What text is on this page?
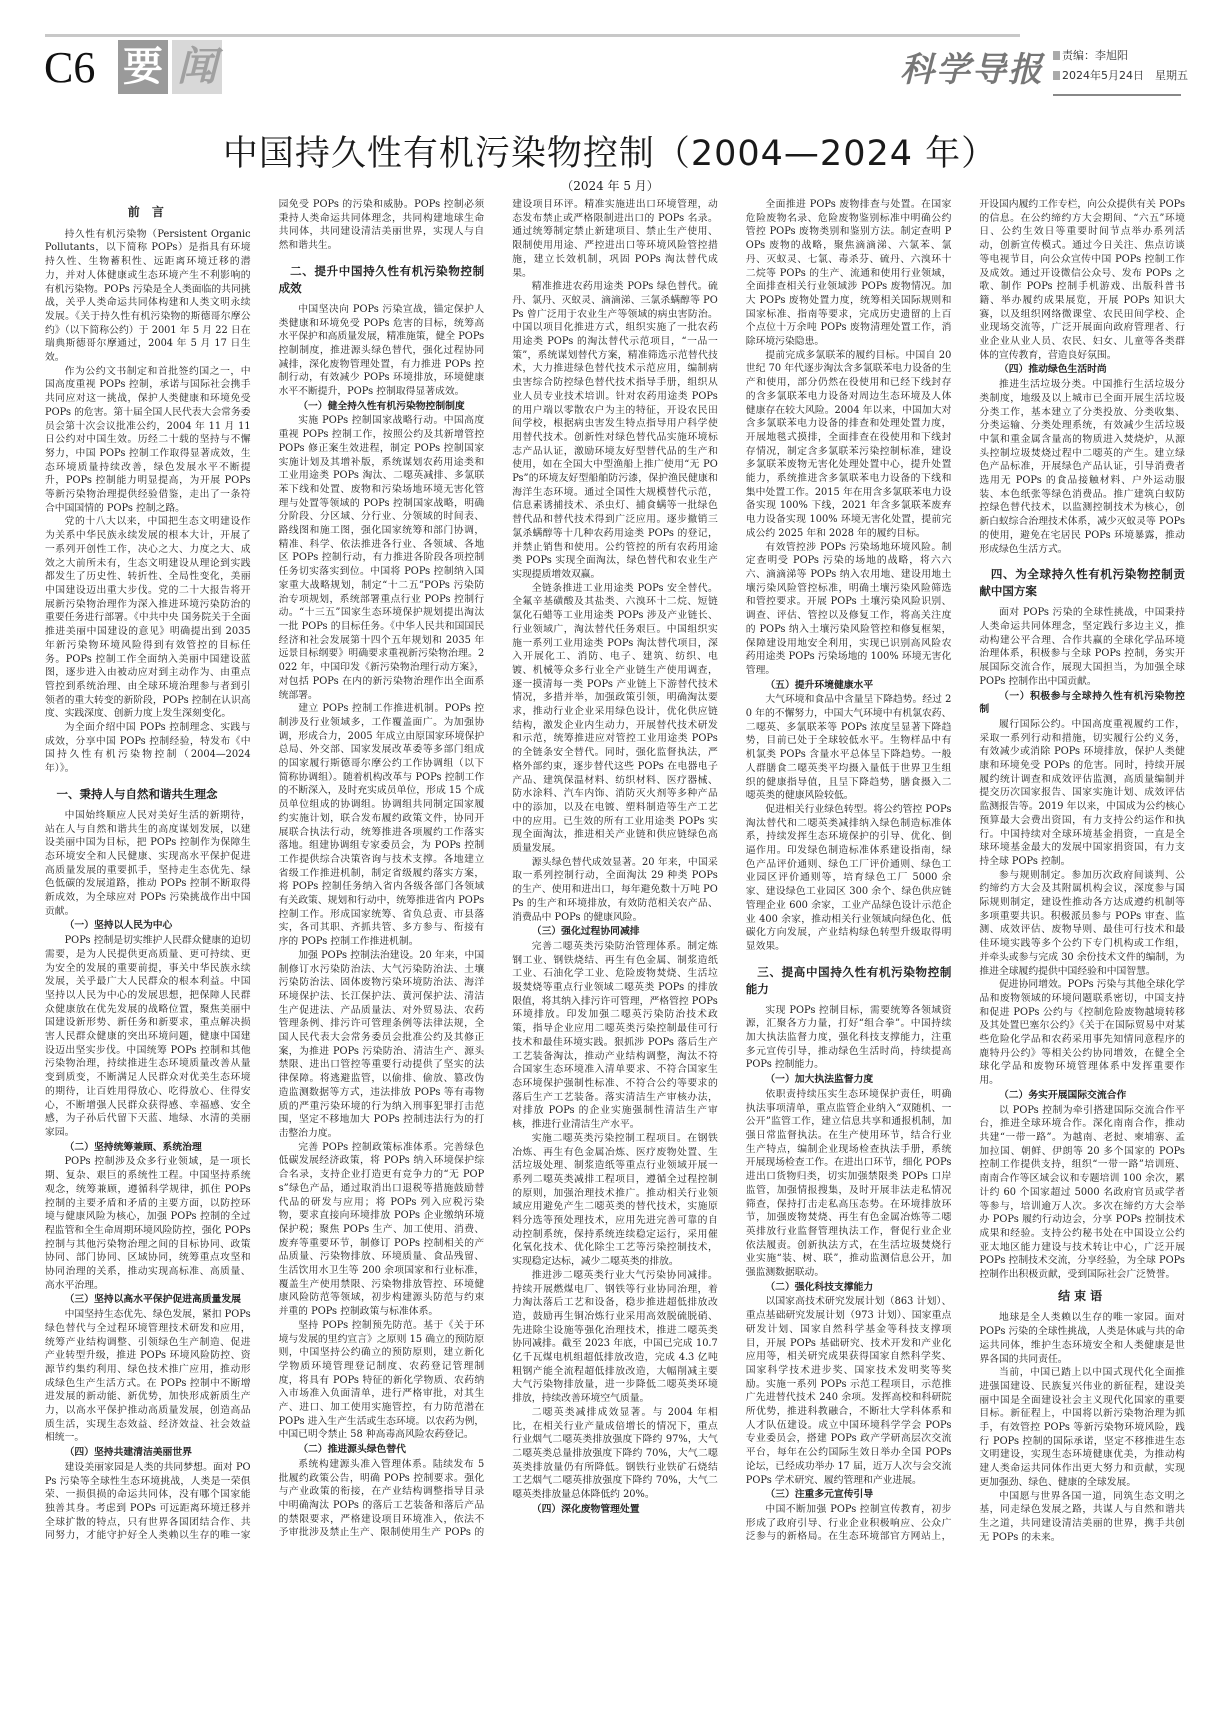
C6 要 闻	科学导报	责编：李旭阳
2024年5月24日　星期五
中国持久性有机污染物控制（2004—2024 年）
（2024 年 5 月）
前 言

持久性有机污染物（Persistent Organic Pollutants，以下简称 POPs）是指具有环境持久性、生物蓄积性、远距离环境迁移的潜力，并对人体健康或生态环境产生不利影响的有机污染物。POPs 污染是全人类面临的共同挑战，关乎人类命运共同体构建和人类文明永续发展。《关于持久性有机污染物的斯德哥尔摩公约》（以下简称公约）于 2001 年 5 月 22 日在瑞典斯德哥尔摩通过，2004 年 5 月 17 日生效。

作为公约文书制定和首批签约国之一，中国高度重视 POPs 控制，承诺与国际社会携手共同应对这一挑战，保护人类健康和环境免受 POPs 的危害。第十届全国人民代表大会常务委员会第十次会议批准公约，2004 年 11 月 11 日公约对中国生效。历经二十载的坚持与不懈努力，中国 POPs 控制工作取得显著成效，生态环境质量持续改善，绿色发展水平不断提升，POPs 控制能力明显提高，为开展 POPs 等新污染物治理提供经验借鉴，走出了一条符合中国国情的 POPs 控制之路。

党的十八大以来，中国把生态文明建设作为关系中华民族永续发展的根本大计，开展了一系列开创性工作，决心之大、力度之大、成效之大前所未有，生态文明建设从理论到实践都发生了历史性、转折性、全局性变化，美丽中国建设迈出重大步伐。党的二十大报告将开展新污染物治理作为深入推进环境污染防治的重要任务进行部署。《中共中央 国务院关于全面推进美丽中国建设的意见》明确提出到 2035 年新污染物环境风险得到有效管控的目标任务。POPs 控制工作全面纳入美丽中国建设蓝图，逐步进入由被动应对到主动作为、由重点管控到系统治理、由全球环境治理参与者到引领者的重大转变的新阶段，POPs 控制在认识高度、实践深度、创新力度上发生深刻变化。

为全面介绍中国 POPs 控制理念、实践与成效，分享中国 POPs 控制经验，特发布《中国持久性有机污染物控制（2004—2024 年）》。

一、秉持人与自然和谐共生理念

中国始终顺应人民对美好生活的新期待，站在人与自然和谐共生的高度谋划发展，以建设美丽中国为目标，把 POPs 控制作为保障生态环境安全和人民健康、实现高水平保护促进高质量发展的重要抓手，坚持走生态优先、绿色低碳的发展道路，推动 POPs 控制不断取得新成效，为全球应对 POPs 污染挑战作出中国贡献。

（一）坚持以人民为中心

POPs 控制是切实维护人民群众健康的迫切需要，是为人民提供更高质量、更可持续、更为安全的发展的重要前提，事关中华民族永续发展，关乎最广大人民群众的根本利益。中国坚持以人民为中心的发展思想，把保障人民群众健康放在优先发展的战略位置，聚焦美丽中国建设新形势、新任务和新要求，重点解决损害人民群众健康的突出环境问题，健康中国建设迈出坚实步伐。中国统筹 POPs 控制和其他污染物治理，持续推进生态环境质量改善从量变到质变，不断满足人民群众对优美生态环境的期待，让百姓用得放心、吃得放心、住得安心，不断增强人民群众获得感、幸福感、安全感，为子孙后代留下天蓝、地绿、水清的美丽家园。

（二）坚持统筹兼顾、系统治理

POPs 控制涉及众多行业领域，是一项长期、复杂、艰巨的系统性工程。中国坚持系统观念，统筹兼顾，遵循科学规律，抓住 POPs 控制的主要矛盾和矛盾的主要方面，以防控环境与健康风险为核心，加强 POPs 控制的全过程监管和全生命周期环境风险防控，强化 POPs 控制与其他污染物治理之间的目标协同、政策协同、部门协同、区域协同，统筹重点攻坚和协同治理的关系，推动实现高标准、高质量、高水平治理。

（三）坚持以高水平保护促进高质量发展

中国坚持生态优先、绿色发展，紧扣 POPs 绿色替代与全过程环境管理技术研发和应用，统筹产业结构调整、引领绿色生产制造、促进产业转型升级，推进 POPs 环境风险防控、资源节约集约利用、绿色技术推广应用，推动形成绿色生产生活方式。在 POPs 控制中不断增进发展的新动能、新优势，加快形成新质生产力，以高水平保护推动高质量发展，创造高品质生活，实现生态效益、经济效益、社会效益相统一。

（四）坚持共建清洁美丽世界

建设美丽家园是人类的共同梦想。面对 POPs 污染等全球性生态环境挑战，人类是一荣俱荣、一损俱损的命运共同体，没有哪个国家能独善其身。考虑到 POPs 可远距离环境迁移并全球扩散的特点，只有世界各国团结合作、共同努力，才能守护好全人类赖以生存的唯一家园免受 POPs 的污染和威胁。POPs 控制必须秉持人类命运共同体理念，共同构建地球生命共同体，共同建设清洁美丽世界，实现人与自然和谐共生。

二、提升中国持久性有机污染物控制成效

中国坚决向 POPs 污染宣战，锚定保护人类健康和环境免受 POPs 危害的目标，统筹高水平保护和高质量发展，精准施策，健全 POPs 控制制度，推进源头绿色替代，强化过程协同减排，深化废物管理处置，有力推进 POPs 控制行动，有效减少 POPs 环境排放，环境健康水平不断提升，POPs 控制取得显著成效。

（一）健全持久性有机污染物控制制度

实施 POPs 控制国家战略行动。中国高度重视 POPs 控制工作，按照公约及其新增管控 POPs 修正案生效进程，制定 POPs 控制国家实施计划及其增补版，系统谋划农药用途类和工业用途类 POPs 淘汰、二噁英减排、多氯联苯下线和处置、废物和污染场地环境无害化管理与处置等领域的 POPs 控制国家战略，明确分阶段、分区域、分行业、分领域的时间表、路线图和施工图，强化国家统筹和部门协调，精准、科学、依法推进各行业、各领域、各地区 POPs 控制行动，有力推进各阶段各项控制任务切实落实到位。中国将 POPs 控制纳入国家重大战略规划，制定“十二五”POPs 污染防治专项规划，系统部署重点行业 POPs 控制行动。“十三五”国家生态环境保护规划提出淘汰一批 POPs 的目标任务。《中华人民共和国国民经济和社会发展第十四个五年规划和 2035 年远景目标纲要》明确要求重视新污染物治理。2022 年，中国印发《新污染物治理行动方案》，对包括 POPs 在内的新污染物治理作出全面系统部署。

建立 POPs 控制工作推进机制。POPs 控制涉及行业领域多，工作覆盖面广。为加强协调，形成合力，2005 年成立由原国家环境保护总局、外交部、国家发展改革委等多部门组成的国家履行斯德哥尔摩公约工作协调组（以下简称协调组）。随着机构改革与 POPs 控制工作的不断深入，及时充实成员单位，形成 15 个成员单位组成的协调组。协调组共同制定国家履约实施计划，联合发布履约政策文件，协同开展联合执法行动，统筹推进各项履约工作落实落地。组建协调组专家委员会，为 POPs 控制工作提供综合决策咨询与技术支撑。各地建立省级工作推进机制，制定省级履约落实方案，将 POPs 控制任务纳入省内各级各部门各领域有关政策、规划和行动中，统筹推进省内 POPs 控制工作。形成国家统筹、省负总责、市县落实，各司其职、齐抓共管、多方参与、衔接有序的 POPs 控制工作推进机制。

加强 POPs 控制法治建设。20 年来，中国制修订水污染防治法、大气污染防治法、土壤污染防治法、固体废物污染环境防治法、海洋环境保护法、长江保护法、黄河保护法、清洁生产促进法、产品质量法、对外贸易法、农药管理条例、排污许可管理条例等法律法规，全国人民代表大会常务委员会批准公约及其修正案，为推进 POPs 污染防治、清洁生产、源头禁限、进出口管控等重要行动提供了坚实的法律保障。将逃避监管，以偷排、偷放、篡改伪造监测数据等方式，违法排放 POPs 等有毒物质的严重污染环境的行为纳入刑事犯罪打击范围，坚定不移地加大 POPs 控制违法行为的打击整治力度。

完善 POPs 控制政策标准体系。完善绿色低碳发展经济政策，将 POPs 纳入环境保护综合名录，支持企业打造更有竞争力的“无 POPs”绿色产品，通过取消出口退税等措施鼓励替代品的研发与应用；将 POPs 列入应税污染物，要求直接向环境排放 POPs 企业缴纳环境保护税；聚焦 POPs 生产、加工使用、消费、废弃等重要环节，制修订 POPs 控制相关的产品质量、污染物排放、环境质量、食品残留、生活饮用水卫生等 200 余项国家和行业标准，覆盖生产使用禁限、污染物排放管控、环境健康风险防范等领域，初步构建源头防范与约束并重的 POPs 控制政策与标准体系。

坚持 POPs 控制预先防范。基于《关于环境与发展的里约宣言》之原则 15 确立的预防原则，中国坚持公约确立的预防原则，建立新化学物质环境管理登记制度、农药登记管理制度，将具有 POPs 特征的新化学物质、农药纳入市场准入负面清单，进行严格审批，对其生产、进口、加工使用实施管控，有力防范潜在 POPs 进入生产生活或生态环境。以农药为例，中国已明令禁止 58 种高毒高风险农药登记。

（二）推进源头绿色替代

系统构建源头准入管理体系。陆续发布 5 批履约政策公告，明确 POPs 控制要求。强化与产业政策的衔接，在产业结构调整指导目录中明确淘汰 POPs 的落后工艺装备和落后产品的禁限要求，严格建设项目环境准入，依法不予审批涉及禁止生产、限制使用生产 POPs 的建设项目环评。精准实施进出口环境管理，动态发布禁止或严格限制进出口的 POPs 名录。通过统筹制定禁止新建项目、禁止生产使用、限制使用用途、严控进出口等环境风险管控措施，建立长效机制，巩固 POPs 淘汰替代成果。

精准推进农药用途类 POPs 绿色替代。硫丹、氯丹、灭蚁灵、滴滴涕、三氯杀螨醇等 POPs 曾广泛用于农业生产等领域的病虫害防治。中国以项目化推进方式，组织实施了一批农药用途类 POPs 的淘汰替代示范项目，“一品一策”，系统谋划替代方案，精准筛选示范替代技术，大力推进绿色替代技术示范应用，编制病虫害综合防控绿色替代技术指导手册，组织从业人员专业技术培训。针对农药用途类 POPs 的用户端以零散农户为主的特征，开设农民田间学校，根据病虫害发生特点指导用户科学使用替代技术。创新性对绿色替代品实施环境标志产品认证，激励环境友好型替代品的生产和使用，如在全国大中型渔船上推广使用“无 POPs”的环境友好型船舶防污漆，保护渔民健康和海洋生态环境。通过全国性大规模替代示范，信息素诱捕技术、杀虫灯、捕食螨等一批绿色替代品和替代技术得到广泛应用。逐步撤销三氯杀螨醇等十几种农药用途类 POPs 的登记，并禁止销售和使用。公约管控的所有农药用途类 POPs 实现全面淘汰，绿色替代和农业生产实现提质增效双赢。

全链条推进工业用途类 POPs 安全替代。全氟辛基磺酸及其盐类、六溴环十二烷、短链氯化石蜡等工业用途类 POPs 涉及产业链长、行业领域广，淘汰替代任务艰巨。中国组织实施一系列工业用途类 POPs 淘汰替代项目，深入开展化工、消防、电子、建筑、纺织、电镀、机械等众多行业全产业链生产使用调查，逐一摸清每一类 POPs 产业链上下游替代技术情况，多措并举，加强政策引领，明确淘汰要求，推动行业企业采用绿色设计，优化供应链结构，激发企业内生动力，开展替代技术研发和示范，统筹推进应对管控工业用途类 POPs 的全链条安全替代。同时，强化监督执法，严格外部约束，逐步替代这些 POPs 在电器电子产品、建筑保温材料、纺织材料、医疗器械、防水涂料、汽车内饰、消防灭火剂等多种产品中的添加，以及在电镀、塑料制造等生产工艺中的应用。已生效的所有工业用途类 POPs 实现全面淘汰，推进相关产业链和供应链绿色高质量发展。

源头绿色替代成效显著。20 年来，中国采取一系列控制行动，全面淘汰 29 种类 POPs 的生产、使用和进出口，每年避免数十万吨 POPs 的生产和环境排放，有效防范相关农产品、消费品中 POPs 的健康风险。

（三）强化过程协同减排

完善二噁英类污染防治管理体系。制定炼钢工业、钢铁烧结、再生有色金属、制浆造纸工业、石油化学工业、危险废物焚烧、生活垃圾焚烧等重点行业领域二噁英类 POPs 的排放限值，将其纳入排污许可管理，严格管控 POPs 环境排放。印发加强二噁英污染防治技术政策，指导企业应用二噁英类污染控制最佳可行技术和最佳环境实践。狠抓涉 POPs 落后生产工艺装备淘汰，推动产业结构调整，淘汰不符合国家生态环境准入清单要求、不符合国家生态环境保护强制性标准、不符合公约等要求的落后生产工艺装备。落实清洁生产审核办法，对排放 POPs 的企业实施强制性清洁生产审核，推进行业清洁生产水平。

实施二噁英类污染控制工程项目。在钢铁冶炼、再生有色金属冶炼、医疗废物处置、生活垃圾处理、制浆造纸等重点行业领域开展一系列二噁英类减排工程项目，遵循全过程控制的原则，加强治理技术推广。推动相关行业领域应用避免产生二噁英类的替代技术，实施原料分选等预处理技术，应用先进完善可靠的自动控制系统，保持系统连续稳定运行，采用催化氧化技术、优化除尘工艺等污染控制技术，实现稳定达标，减少二噁英类的排放。

推进涉二噁英类行业大气污染协同减排。持续开展燃煤电厂、钢铁等行业协同治理，着力淘汰落后工艺和设备，稳步推进超低排放改造，鼓励再生铜冶炼行业采用高效脱硫脱硝、先进除尘设施等强化治理技术，推进二噁英类协同减排。截至 2023 年底，中国已完成 10.7 亿千瓦煤电机组超低排放改造，完成 4.3 亿吨粗钢产能全流程超低排放改造，大幅削减主要大气污染物排放量，进一步降低二噁英类环境排放，持续改善环境空气质量。

二噁英类减排成效显著。与 2004 年相比，在相关行业产量成倍增长的情况下，重点行业烟气二噁英类排放强度下降约 97%，大气二噁英类总量排放强度下降约 70%，大气二噁英类排放量仍有所降低。钢铁行业铁矿石烧结工艺烟气二噁英排放强度下降约 70%，大气二噁英类排放量总体降低约 20%。

（四）深化废物管理处置

全面推进 POPs 废物排查与处置。在国家危险废物名录、危险废物鉴别标准中明确公约管控 POPs 废物类别和鉴别方法。制定查明 POPs 废物的战略，聚焦滴滴涕、六氯苯、氯丹、灭蚁灵、七氯、毒杀芬、硫丹、六溴环十二烷等 POPs 的生产、流通和使用行业领域，全面排查相关行业领域涉 POPs 废物情况。加大 POPs 废物处置力度，统筹相关国际规则和国家标准、指南等要求，完成历史遗留的上百个点位十万余吨 POPs 废物清理处置工作，消除环境污染隐患。

提前完成多氯联苯的履约目标。中国自 20 世纪 70 年代逐步淘汰含多氯联苯电力设备的生产和使用，部分仍然在役使用和已经下线封存的含多氯联苯电力设备对周边生态环境及人体健康存在较大风险。2004 年以来，中国加大对含多氯联苯电力设备的排查和处理处置力度，开展地毯式摸排，全面排查在役使用和下线封存情况，制定含多氯联苯污染控制标准，建设多氯联苯废物无害化处理处置中心，提升处置能力，系统推进含多氯联苯电力设备的下线和集中处置工作。2015 年在用含多氯联苯电力设备实现 100% 下线，2021 年含多氯联苯废弃电力设备实现 100% 环境无害化处置，提前完成公约 2025 年和 2028 年的履约目标。

有效管控涉 POPs 污染场地环境风险。制定查明受 POPs 污染的场地的战略，将六六六、滴滴涕等 POPs 纳入农用地、建设用地土壤污染风险管控标准，明确土壤污染风险筛选和管控要求。开展 POPs 土壤污染风险识别、调查、评估、管控以及修复工作，将高关注度的 POPs 纳入土壤污染风险管控和修复框架，保障建设用地安全利用，实现已识别高风险农药用途类 POPs 污染场地的 100% 环境无害化管理。

（五）提升环境健康水平

大气环境和食品中含量呈下降趋势。经过 20 年的不懈努力，中国大气环境中有机氯农药、二噁英、多氯联苯等 POPs 浓度呈显著下降趋势，目前已处于全球较低水平。生物样品中有机氯类 POPs 含量水平总体呈下降趋势。一般人群膳食二噁英类平均摄入量低于世界卫生组织的健康指导值，且呈下降趋势，膳食摄入二噁英类的健康风险较低。

促进相关行业绿色转型。将公约管控 POPs 淘汰替代和二噁英类减排纳入绿色制造标准体系，持续发挥生态环境保护的引导、优化、倒逼作用。印发绿色制造标准体系建设指南，绿色产品评价通则、绿色工厂评价通则、绿色工业园区评价通则等，培育绿色工厂 5000 余家、建设绿色工业园区 300 余个、绿色供应链管理企业 600 余家，工业产品绿色设计示范企业 400 余家，推动相关行业领域向绿色化、低碳化方向发展，产业结构绿色转型升级取得明显效果。

三、提高中国持久性有机污染物控制能力

实现 POPs 控制目标，需要统筹各领域资源，汇聚各方力量，打好“组合拳”。中国持续加大执法监督力度，强化科技支撑能力，注重多元宣传引导，推动绿色生活时尚，持续提高 POPs 控制能力。

（一）加大执法监督力度

依职责持续压实生态环境保护责任，明确执法事项清单，重点监管企业纳入“双随机、一公开”监管工作，建立信息共享和通报机制，加强日常监督执法。在生产使用环节，结合行业生产特点，编制企业现场检查执法手册，系统开展现场检查工作。在进出口环节，细化 POPs 进出口货物归类，切实加强禁限类 POPs 口岸监管，加强情报搜集，及时开展非法走私情况筛查，保持打击走私高压态势。在环境排放环节，加强废物焚烧、再生有色金属冶炼等二噁英排放行业监督管理执法工作，督促行业企业依法履责。创新执法方式，在生活垃圾焚烧行业实施“装、树、联”，推动监测信息公开，加强监测数据联动。

（二）强化科技支撑能力

以国家高技术研究发展计划（863 计划）、重点基础研究发展计划（973 计划）、国家重点研发计划、国家自然科学基金等科技支撑项目，开展 POPs 基础研究、技术开发和产业化应用等，相关研究成果获得国家自然科学奖、国家科学技术进步奖、国家技术发明奖等奖励。实施一系列 POPs 示范工程项目，示范推广先进替代技术 240 余项。发挥高校和科研院所优势，推进科教融合，不断壮大学科体系和人才队伍建设。成立中国环境科学学会 POPs 专业委员会，搭建 POPs 政产学研高层次交流平台，每年在公约国际生效日举办全国 POPs 论坛，已经成功举办 17 届，近万人次与会交流 POPs 学术研究、履约管理和产业进展。

（三）注重多元宣传引导

中国不断加强 POPs 控制宣传教育，初步形成了政府引导、行业企业积极响应、公众广泛参与的新格局。在生态环境部官方网站上，开设国内履约工作专栏，向公众提供有关 POPs 的信息。在公约缔约方大会期间、“六五”环境日、公约生效日等重要时间节点举办系列活动，创新宣传模式。通过今日关注、焦点访谈等电视节目，向公众宣传中国 POPs 控制工作及成效。通过开设微信公众号、发布 POPs 之歌、制作 POPs 控制手机游戏、出版科普书籍、举办履约成果展览，开展 POPs 知识大赛，以及组织网络微课堂、农民田间学校、企业现场交流等，广泛开展面向政府管理者、行业企业从业人员、农民、妇女、儿童等各类群体的宣传教育，营造良好氛围。

（四）推动绿色生活时尚

推进生活垃圾分类。中国推行生活垃圾分类制度，地级及以上城市已全面开展生活垃圾分类工作，基本建立了分类投放、分类收集、分类运输、分类处理系统，有效减少生活垃圾中氯和重金属含量高的物质进入焚烧炉，从源头控制垃圾焚烧过程中二噁英的产生。建立绿色产品标准，开展绿色产品认证，引导消费者选用无 POPs 的食品接触材料、户外运动服装、本色纸张等绿色消费品。推广建筑白蚁防控绿色替代技术，以监测控制技术为核心，创新白蚁综合治理技术体系，减少灭蚁灵等 POPs 的使用，避免在宅居民 POPs 环境暴露，推动形成绿色生活方式。

四、为全球持久性有机污染物控制贡献中国方案

面对 POPs 污染的全球性挑战，中国秉持人类命运共同体理念，坚定践行多边主义，推动构建公平合理、合作共赢的全球化学品环境治理体系，积极参与全球 POPs 控制，务实开展国际交流合作，展现大国担当，为加强全球 POPs 控制作出中国贡献。

（一）积极参与全球持久性有机污染物控制

履行国际公约。中国高度重视履约工作，采取一系列行动和措施，切实履行公约义务，有效减少或消除 POPs 环境排放，保护人类健康和环境免受 POPs 的危害。同时，持续开展履约统计调查和成效评估监测，高质量编制并提交历次国家报告、国家实施计划、成效评估监测报告等。2019 年以来，中国成为公约核心预算最大会费出资国，有力支持公约运作和执行。中国持续对全球环境基金捐资，一直是全球环境基金最大的发展中国家捐资国，有力支持全球 POPs 控制。

参与规则制定。参加历次政府间谈判、公约缔约方大会及其附属机构会议，深度参与国际规则制定，建设性推动各方达成遵约机制等多项重要共识。积极派员参与 POPs 审查、监测、成效评估、废物导则、最佳可行技术和最佳环境实践等多个公约下专门机构或工作组，并牵头或参与完成 30 余份技术文件的编制，为推进全球履约提供中国经验和中国智慧。

促进协同增效。POPs 污染与其他全球化学品和废物领域的环境问题联系密切，中国支持和促进 POPs 公约与《控制危险废物越境转移及其处置巴塞尔公约》《关于在国际贸易中对某些危险化学品和农药采用事先知情同意程序的鹿特丹公约》等相关公约协同增效，在健全全球化学品和废物环境管理体系中发挥重要作用。

（二）务实开展国际交流合作

以 POPs 控制为牵引搭建国际交流合作平台，推进全球环境合作。深化南南合作，推动共建“一带一路”。为越南、老挝、柬埔寨、孟加拉国、朝鲜、伊朗等 20 多个国家的 POPs 控制工作提供支持，组织“一带一路”培训班、南南合作等区域会议和专题培训 100 余次，累计约 60 个国家超过 5000 名政府官员或学者等参与，培训逾万人次。多次在缔约方大会举办 POPs 履约行动边会，分享 POPs 控制技术成果和经验。支持公约秘书处在中国设立公约亚太地区能力建设与技术转让中心，广泛开展 POPs 控制技术交流，分享经验，为全球 POPs 控制作出积极贡献，受到国际社会广泛赞誉。

结束语

地球是全人类赖以生存的唯一家园。面对 POPs 污染的全球性挑战，人类是休戚与共的命运共同体，维护生态环境安全和人类健康是世界各国的共同责任。

当前，中国已踏上以中国式现代化全面推进强国建设、民族复兴伟业的新征程，建设美丽中国是全面建设社会主义现代化国家的重要目标。新征程上，中国将以新污染物治理为抓手，有效管控 POPs 等新污染物环境风险，践行 POPs 控制的国际承诺，坚定不移推进生态文明建设，实现生态环境健康优美，为推动构建人类命运共同体作出更大努力和贡献，实现更加强劲、绿色、健康的全球发展。

中国愿与世界各国一道，同筑生态文明之基，同走绿色发展之路，共谋人与自然和谐共生之道，共同建设清洁美丽的世界，携手共创无 POPs 的未来。
